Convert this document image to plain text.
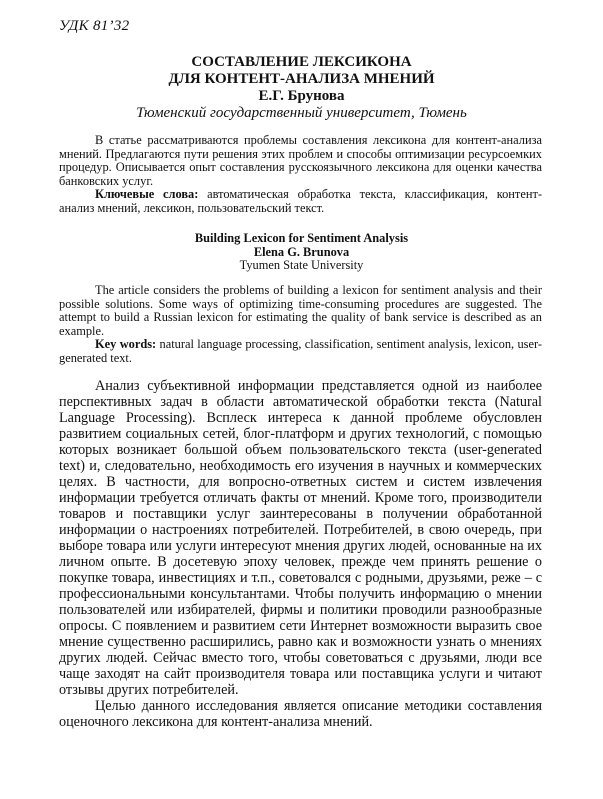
УДК 81’32
СОСТАВЛЕНИЕ ЛЕКСИКОНА
ДЛЯ КОНТЕНТ-АНАЛИЗА МНЕНИЙ
Е.Г. Брунова
Тюменский государственный университет, Тюмень

В статье рассматриваются проблемы составления лексикона для контент-анализа мнений. Предлагаются пути решения этих проблем и способы оптимизации ресурсоемких процедур. Описывается опыт составления русскоязычного лексикона для оценки качества банковских услуг.

Ключевые слова: автоматическая обработка текста, классификация, контент-анализ мнений, лексикон, пользовательский текст.

Building Lexicon for Sentiment Analysis
Elena G. Brunova
Tyumen State University

The article considers the problems of building a lexicon for sentiment analysis and their possible solutions. Some ways of optimizing time-consuming procedures are suggested. The attempt to build a Russian lexicon for estimating the quality of bank service is described as an example.

Key words: natural language processing, classification, sentiment analysis, lexicon, user-generated text.

Анализ субъективной информации представляется одной из наиболее перспективных задач в области автоматической обработки текста (Natural Language Processing). Всплеск интереса к данной проблеме обусловлен развитием социальных сетей, блог-платформ и других технологий, с помощью которых возникает большой объем пользовательского текста (user-generated text) и, следовательно, необходимость его изучения в научных и коммерческих целях. В частности, для вопросно-ответных систем и систем извлечения информации требуется отличать факты от мнений. Кроме того, производители товаров и поставщики услуг заинтересованы в получении обработанной информации о настроениях потребителей. Потребителей, в свою очередь, при выборе товара или услуги интересуют мнения других людей, основанные на их личном опыте. В досетевую эпоху человек, прежде чем принять решение о покупке товара, инвестициях и т.п., советовался с родными, друзьями, реже – с профессиональными консультантами. Чтобы получить информацию о мнении пользователей или избирателей, фирмы и политики проводили разнообразные опросы. С появлением и развитием сети Интернет возможности выразить свое мнение существенно расширились, равно как и возможности узнать о мнениях других людей. Сейчас вместо того, чтобы советоваться с друзьями, люди все чаще заходят на сайт производителя товара или поставщика услуги и читают отзывы других потребителей.

Целью данного исследования является описание методики составления оценочного лексикона для контент-анализа мнений.
